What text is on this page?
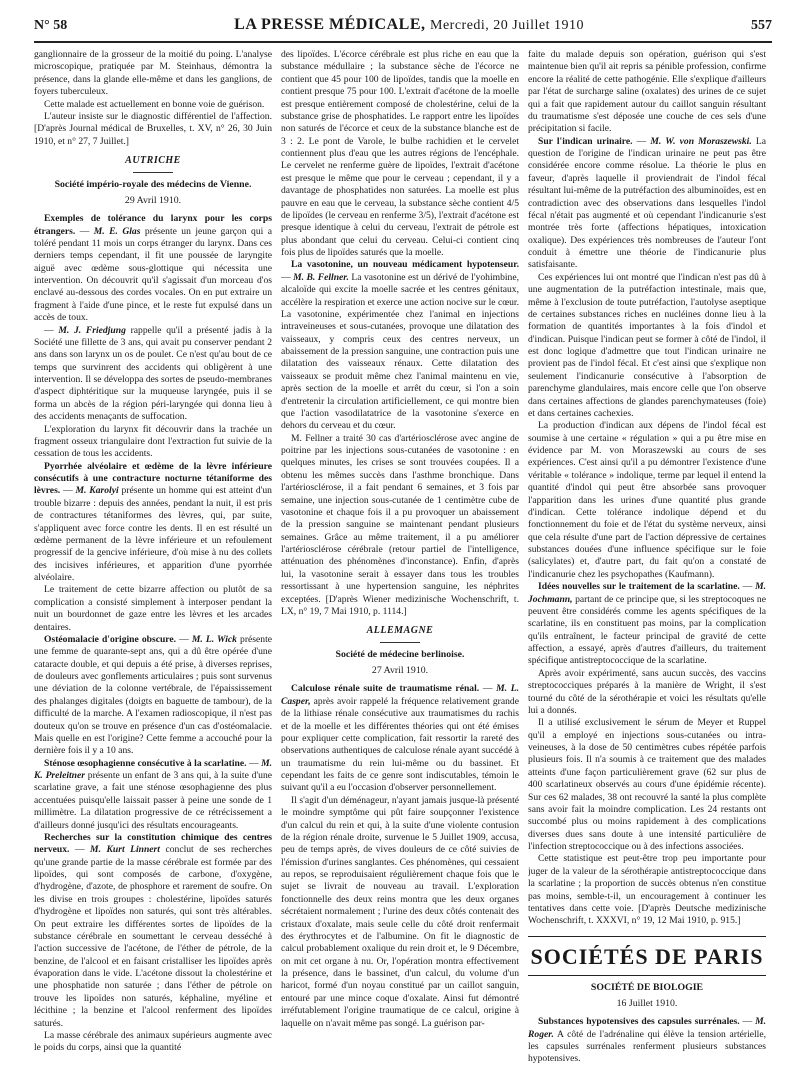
N° 58	LA PRESSE MÉDICALE, Mercredi, 20 Juillet 1910	557

ganglionnaire de la grosseur de la moitié du poing. L'analyse microscopique, pratiquée par M. Steinhaus, démontra la présence, dans la glande elle-même et dans les ganglions, de foyers tuberculeux.

Cette malade est actuellement en bonne voie de guérison.

L'auteur insiste sur le diagnostic différentiel de l'affection. [D'après Journal médical de Bruxelles, t. XV, n° 26, 30 Juin 1910, et n° 27, 7 Juillet.]

AUTRICHE
Société império-royale des médecins de Vienne.
29 Avril 1910.

Exemples de tolérance du larynx pour les corps étrangers. — M. E. Glas présente un jeune garçon qui a toléré pendant 11 mois un corps étranger du larynx. Dans ces derniers temps cependant, il fit une poussée de laryngite aiguë avec œdème sous-glottique qui nécessita une intervention. On découvrit qu'il s'agissait d'un morceau d'os enclavé au-dessous des cordes vocales. On en put extraire un fragment à l'aide d'une pince, et le reste fut expulsé dans un accès de toux.

— M. J. Friedjung rappelle qu'il a présenté jadis à la Société une fillette de 3 ans, qui avait pu conserver pendant 2 ans dans son larynx un os de poulet. Ce n'est qu'au bout de ce temps que survinrent des accidents qui obligèrent à une intervention. Il se développa des sortes de pseudo-membranes d'aspect diphtéritique sur la muqueuse laryngée, puis il se forma un abcès de la région péri-laryngée qui donna lieu à des accidents menaçants de suffocation.

L'exploration du larynx fit découvrir dans la trachée un fragment osseux triangulaire dont l'extraction fut suivie de la cessation de tous les accidents.

Pyorrhée alvéolaire et œdème de la lèvre inférieure consécutifs à une contracture nocturne tétaniforme des lèvres. — M. Karolyi présente un homme qui est atteint d'un trouble bizarre : depuis des années, pendant la nuit, il est pris de contractures tétaniformes des lèvres, qui, par suite, s'appliquent avec force contre les dents. Il en est résulté un œdème permanent de la lèvre inférieure et un refoulement progressif de la gencive inférieure, d'où mise à nu des collets des incisives inférieures, et apparition d'une pyorrhée alvéolaire.

Le traitement de cette bizarre affection ou plutôt de sa complication a consisté simplement à interposer pendant la nuit un bourdonnet de gaze entre les lèvres et les arcades dentaires.

Ostéomalacie d'origine obscure. — M. L. Wick présente une femme de quarante-sept ans, qui a dû être opérée d'une cataracte double, et qui depuis a été prise, à diverses reprises, de douleurs avec gonflements articulaires ; puis sont survenus une déviation de la colonne vertébrale, de l'épaississement des phalanges digitales (doigts en baguette de tambour), de la difficulté de la marche. A l'examen radioscopique, il n'est pas douteux qu'on se trouve en présence d'un cas d'ostéomalacie. Mais quelle en est l'origine? Cette femme a accouché pour la dernière fois il y a 10 ans.

Sténose œsophagienne consécutive à la scarlatine. — M. K. Preleitner présente un enfant de 3 ans qui, à la suite d'une scarlatine grave, a fait une sténose œsophagienne des plus accentuées puisqu'elle laissait passer à peine une sonde de 1 millimètre. La dilatation progressive de ce rétrécissement a d'ailleurs donné jusqu'ici des résultats encourageants.

Recherches sur la constitution chimique des centres nerveux. — M. Kurt Linnert conclut de ses recherches qu'une grande partie de la masse cérébrale est formée par des lipoïdes, qui sont composés de carbone, d'oxygène, d'hydrogène, d'azote, de phosphore et rarement de soufre. On les divise en trois groupes : cholestérine, lipoïdes saturés d'hydrogène et lipoïdes non saturés, qui sont très altérables. On peut extraire les différentes sortes de lipoïdes de la substance cérébrale en soumettant le cerveau desséché à l'action successive de l'acétone, de l'éther de pétrole, de la benzine, de l'alcool et en faisant cristalliser les lipoïdes après évaporation dans le vide. L'acétone dissout la cholestérine et une phosphatide non saturée ; dans l'éther de pétrole on trouve les lipoïdes non saturés, képhaline, myéline et lécithine ; la benzine et l'alcool renferment des lipoïdes saturés.

La masse cérébrale des animaux supérieurs augmente avec le poids du corps, ainsi que la quantité

des lipoïdes. L'écorce cérébrale est plus riche en eau que la substance médullaire ; la substance sèche de l'écorce ne contient que 45 pour 100 de lipoïdes, tandis que la moelle en contient presque 75 pour 100. L'extrait d'acétone de la moelle est presque entièrement composé de cholestérine, celui de la substance grise de phosphatides. Le rapport entre les lipoïdes non saturés de l'écorce et ceux de la substance blanche est de 3 : 2. Le pont de Varole, le bulbe rachidien et le cervelet contiennent plus d'eau que les autres régions de l'encéphale. Le cervelet ne renferme guère de lipoïdes, l'extrait d'acétone est presque le même que pour le cerveau ; cependant, il y a davantage de phosphatides non saturées. La moelle est plus pauvre en eau que le cerveau, la substance sèche contient 4/5 de lipoïdes (le cerveau en renferme 3/5), l'extrait d'acétone est presque identique à celui du cerveau, l'extrait de pétrole est plus abondant que celui du cerveau. Celui-ci contient cinq fois plus de lipoïdes saturés que la moelle.

La vasotonine, un nouveau médicament hypotenseur. — M. B. Fellner. La vasotonine est un dérivé de l'yohimbine, alcaloïde qui excite la moelle sacrée et les centres génitaux, accélère la respiration et exerce une action nocive sur le cœur. La vasotonine, expérimentée chez l'animal en injections intraveineuses et sous-cutanées, provoque une dilatation des vaisseaux, y compris ceux des centres nerveux, un abaissement de la pression sanguine, une contraction puis une dilatation des vaisseaux rénaux. Cette dilatation des vaisseaux se produit même chez l'animal maintenu en vie, après section de la moelle et arrêt du cœur, si l'on a soin d'entretenir la circulation artificiellement, ce qui montre bien que l'action vasodilatatrice de la vasotonine s'exerce en dehors du cerveau et du cœur.

M. Fellner a traité 30 cas d'artériosclérose avec angine de poitrine par les injections sous-cutanées de vasotonine : en quelques minutes, les crises se sont trouvées coupées. Il a obtenu les mêmes succès dans l'asthme bronchique. Dans l'artériosclérose, il a fait pendant 6 semaines, et 3 fois par semaine, une injection sous-cutanée de 1 centimètre cube de vasotonine et chaque fois il a pu provoquer un abaissement de la pression sanguine se maintenant pendant plusieurs semaines. Grâce au même traitement, il a pu améliorer l'artériosclérose cérébrale (retour partiel de l'intelligence, atténuation des phénomènes d'inconstance). Enfin, d'après lui, la vasotonine serait à essayer dans tous les troubles ressortissant à une hypertension sanguine, les néphrites exceptées. [D'après Wiener medizinische Wochenschrift, t. LX, n° 19, 7 Mai 1910, p. 1114.]

ALLEMAGNE
Société de médecine berlinoise.
27 Avril 1910.

Calculose rénale suite de traumatisme rénal. — M. L. Casper, après avoir rappelé la fréquence relativement grande de la lithiase rénale consécutive aux traumatismes du rachis et de la moelle et les différentes théories qui ont été émises pour expliquer cette complication, fait ressortir la rareté des observations authentiques de calculose rénale ayant succédé à un traumatisme du rein lui-même ou du bassinet. Et cependant les faits de ce genre sont indiscutables, témoin le suivant qu'il a eu l'occasion d'observer personnellement.

Il s'agit d'un déménageur, n'ayant jamais jusque-là présenté le moindre symptôme qui pût faire soupçonner l'existence d'un calcul du rein et qui, à la suite d'une violente contusion de la région rénale droite, survenue le 5 Juillet 1909, accusa, peu de temps après, de vives douleurs de ce côté suivies de l'émission d'urines sanglantes. Ces phénomènes, qui cessaient au repos, se reproduisaient régulièrement chaque fois que le sujet se livrait de nouveau au travail. L'exploration fonctionnelle des deux reins montra que les deux organes sécrétaient normalement ; l'urine des deux côtés contenait des cristaux d'oxalate, mais seule celle du côté droit renfermait des érythrocytes et de l'albumine. On fit le diagnostic de calcul probablement oxalique du rein droit et, le 9 Décembre, on mit cet organe à nu. Or, l'opération montra effectivement la présence, dans le bassinet, d'un calcul, du volume d'un haricot, formé d'un noyau constitué par un caillot sanguin, entouré par une mince coque d'oxalate. Ainsi fut démontré irréfutablement l'origine traumatique de ce calcul, origine à laquelle on n'avait même pas songé. La guérison par-

faite du malade depuis son opération, guérison qui s'est maintenue bien qu'il ait repris sa pénible profession, confirme encore la réalité de cette pathogénie. Elle s'explique d'ailleurs par l'état de surcharge saline (oxalates) des urines de ce sujet qui a fait que rapidement autour du caillot sanguin résultant du traumatisme s'est déposée une couche de ces sels d'une précipitation si facile.

Sur l'indican urinaire. — M. W. von Moraszewski. La question de l'origine de l'indican urinaire ne peut pas être considérée encore comme résolue. La théorie le plus en faveur, d'après laquelle il proviendrait de l'indol fécal résultant lui-même de la putréfaction des albuminoïdes, est en contradiction avec des observations dans lesquelles l'indol fécal n'était pas augmenté et où cependant l'indicanurie s'est montrée très forte (affections hépatiques, intoxication oxalique). Des expériences très nombreuses de l'auteur l'ont conduit à émettre une théorie de l'indicanurie plus satisfaisante.

Ces expériences lui ont montré que l'indican n'est pas dû à une augmentation de la putréfaction intestinale, mais que, même à l'exclusion de toute putréfaction, l'autolyse aseptique de certaines substances riches en nucléines donne lieu à la formation de quantités importantes à la fois d'indol et d'indican. Puisque l'indican peut se former à côté de l'indol, il est donc logique d'admettre que tout l'indican urinaire ne provient pas de l'indol fécal. Et c'est ainsi que s'explique non seulement l'indicanurie consécutive à l'absorption de parenchyme glandulaires, mais encore celle que l'on observe dans certaines affections de glandes parenchymateuses (foie) et dans certaines cachexies.

La production d'indican aux dépens de l'indol fécal est soumise à une certaine « régulation » qui a pu être mise en évidence par M. von Moraszewski au cours de ses expériences. C'est ainsi qu'il a pu démontrer l'existence d'une véritable « tolérance » indolique, terme par lequel il entend la quantité d'indol qui peut être absorbée sans provoquer l'apparition dans les urines d'une quantité plus grande d'indican. Cette tolérance indolique dépend et du fonctionnement du foie et de l'état du système nerveux, ainsi que cela résulte d'une part de l'action dépressive de certaines substances douées d'une influence spécifique sur le foie (salicylates) et, d'autre part, du fait qu'on a constaté de l'indicanurie chez les psychopathes (Kaufmann).

Idées nouvelles sur le traitement de la scarlatine. — M. Jochmann, partant de ce principe que, si les streptocoques ne peuvent être considérés comme les agents spécifiques de la scarlatine, ils en constituent pas moins, par la complication qu'ils entraînent, le facteur principal de gravité de cette affection, a essayé, après d'autres d'ailleurs, du traitement spécifique antistreptococcique de la scarlatine.

Après avoir expérimenté, sans aucun succès, des vaccins streptococciques préparés à la manière de Wright, il s'est tourné du côté de la sérothérapie et voici les résultats qu'elle lui a donnés.

Il a utilisé exclusivement le sérum de Meyer et Ruppel qu'il a employé en injections sous-cutanées ou intra-veineuses, à la dose de 50 centimètres cubes répétée parfois plusieurs fois. Il n'a soumis à ce traitement que des malades atteints d'une façon particulièrement grave (62 sur plus de 400 scarlatineux observés au cours d'une épidémie récente). Sur ces 62 malades, 38 ont recouvré la santé la plus complète sans avoir fait la moindre complication. Les 24 restants ont succombé plus ou moins rapidement à des complications diverses dues sans doute à une intensité particulière de l'infection streptococcique ou à des infections associées.

Cette statistique est peut-être trop peu importante pour juger de la valeur de la sérothérapie antistreptococcique dans la scarlatine ; la proportion de succès obtenus n'en constitue pas moins, semble-t-il, un encouragement à continuer les tentatives dans cette voie. [D'après Deutsche medizinische Wochenschrift, t. XXXVI, n° 19, 12 Mai 1910, p. 915.]

SOCIÉTÉS DE PARIS
SOCIÉTÉ DE BIOLOGIE
16 Juillet 1910.

Substances hypotensives des capsules surrénales. — M. Roger. A côté de l'adrénaline qui élève la tension artérielle, les capsules surrénales renferment plusieurs substances hypotensives.
